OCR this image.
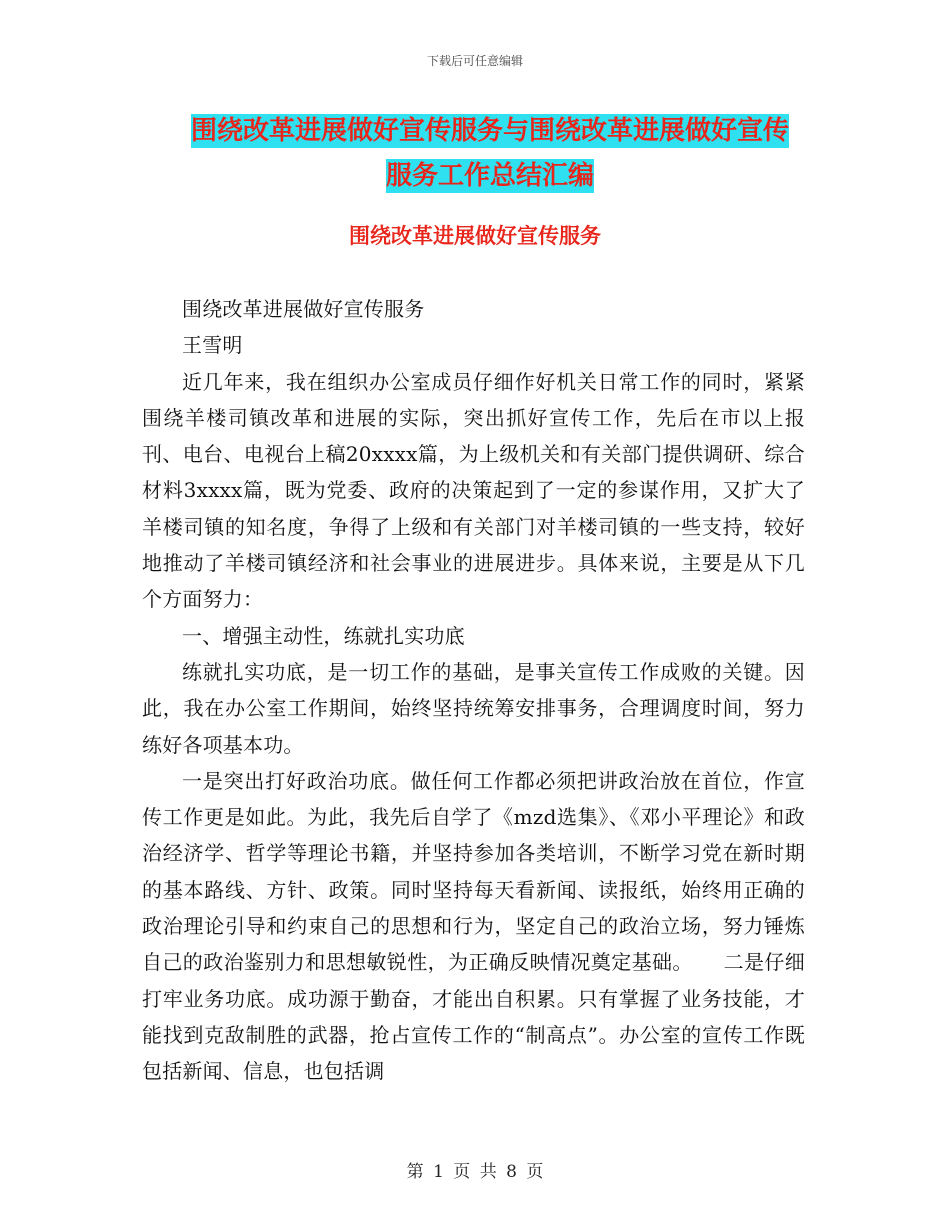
下载后可任意编辑
围绕改革进展做好宣传服务与围绕改革进展做好宣传
服务工作总结汇编
围绕改革进展做好宣传服务

围绕改革进展做好宣传服务

王雪明

近几年来，我在组织办公室成员仔细作好机关日常工作的同时，紧紧围绕羊楼司镇改革和进展的实际，突出抓好宣传工作，先后在市以上报刊、电台、电视台上稿20xxxx篇，为上级机关和有关部门提供调研、综合材料3xxxx篇，既为党委、政府的决策起到了一定的参谋作用，又扩大了羊楼司镇的知名度，争得了上级和有关部门对羊楼司镇的一些支持，较好地推动了羊楼司镇经济和社会事业的进展进步。具体来说，主要是从下几个方面努力：

一、增强主动性，练就扎实功底

练就扎实功底，是一切工作的基础，是事关宣传工作成败的关键。因此，我在办公室工作期间，始终坚持统筹安排事务，合理调度时间，努力练好各项基本功。

一是突出打好政治功底。做任何工作都必须把讲政治放在首位，作宣传工作更是如此。为此，我先后自学了《mzd选集》、《邓小平理论》和政治经济学、哲学等理论书籍，并坚持参加各类培训，不断学习党在新时期的基本路线、方针、政策。同时坚持每天看新闻、读报纸，始终用正确的政治理论引导和约束自己的思想和行为，坚定自己的政治立场，努力锤炼自己的政治鉴别力和思想敏锐性，为正确反映情况奠定基础。　　二是仔细打牢业务功底。成功源于勤奋，才能出自积累。只有掌握了业务技能，才能找到克敌制胜的武器，抢占宣传工作的“制高点”。办公室的宣传工作既包括新闻、信息，也包括调

第 1 页 共 8 页
